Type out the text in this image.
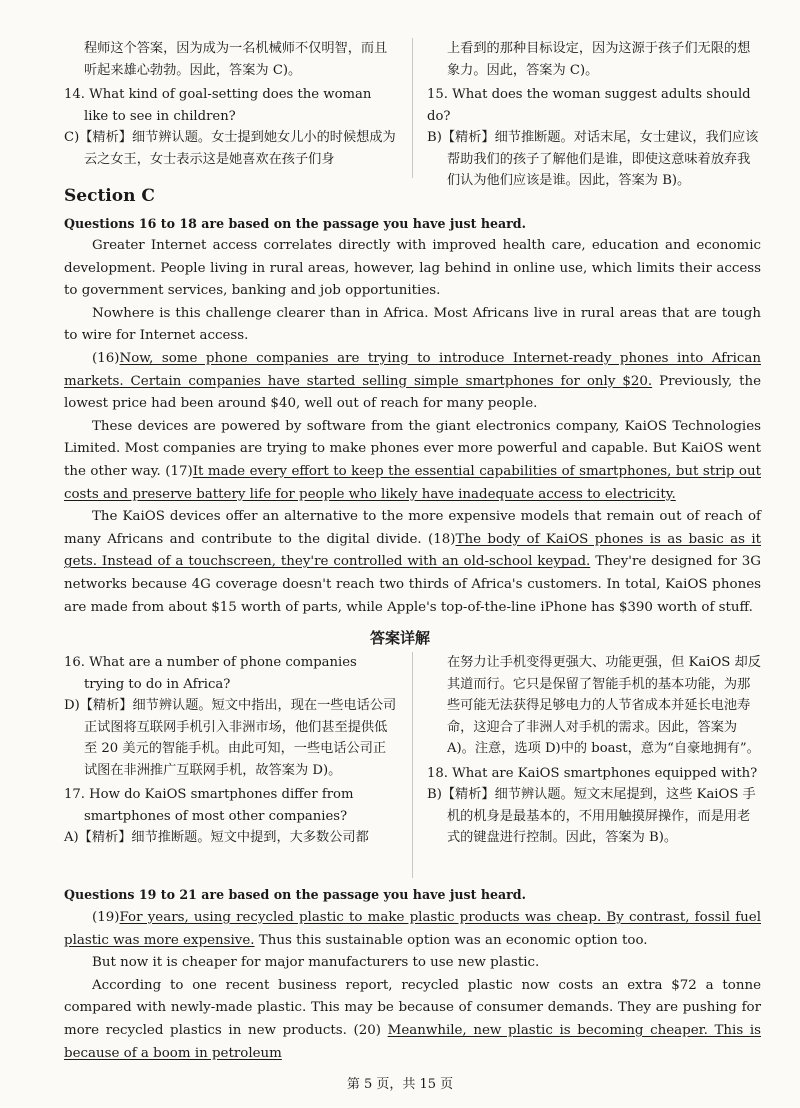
程师这个答案，因为成为一名机械师不仅明智，而且听起来雄心勃勃。因此，答案为 C)。

14. What kind of goal-setting does the woman like to see in children?

C)【精析】细节辨认题。女士提到她女儿小的时候想成为云之女王，女士表示这是她喜欢在孩子们身

上看到的那种目标设定，因为这源于孩子们无限的想象力。因此，答案为 C)。

15. What does the woman suggest adults should do?

B)【精析】细节推断题。对话末尾，女士建议，我们应该帮助我们的孩子了解他们是谁，即使这意味着放弃我们认为他们应该是谁。因此，答案为 B)。

Section C

Questions 16 to 18 are based on the passage you have just heard.

Greater Internet access correlates directly with improved health care, education and economic development. People living in rural areas, however, lag behind in online use, which limits their access to government services, banking and job opportunities.

Nowhere is this challenge clearer than in Africa. Most Africans live in rural areas that are tough to wire for Internet access.

(16)Now, some phone companies are trying to introduce Internet-ready phones into African markets. Certain companies have started selling simple smartphones for only $20. Previously, the lowest price had been around $40, well out of reach for many people.

These devices are powered by software from the giant electronics company, KaiOS Technologies Limited. Most companies are trying to make phones ever more powerful and capable. But KaiOS went the other way. (17)It made every effort to keep the essential capabilities of smartphones, but strip out costs and preserve battery life for people who likely have inadequate access to electricity.

The KaiOS devices offer an alternative to the more expensive models that remain out of reach of many Africans and contribute to the digital divide. (18)The body of KaiOS phones is as basic as it gets. Instead of a touchscreen, they're controlled with an old-school keypad. They're designed for 3G networks because 4G coverage doesn't reach two thirds of Africa's customers. In total, KaiOS phones are made from about $15 worth of parts, while Apple's top-of-the-line iPhone has $390 worth of stuff.

答案详解

16. What are a number of phone companies trying to do in Africa?

D)【精析】细节辨认题。短文中指出，现在一些电话公司正试图将互联网手机引入非洲市场，他们甚至提供低至 20 美元的智能手机。由此可知，一些电话公司正试图在非洲推广互联网手机，故答案为 D)。

17. How do KaiOS smartphones differ from smartphones of most other companies?

A)【精析】细节推断题。短文中提到，大多数公司都

在努力让手机变得更强大、功能更强，但 KaiOS 却反其道而行。它只是保留了智能手机的基本功能，为那些可能无法获得足够电力的人节省成本并延长电池寿命，这迎合了非洲人对手机的需求。因此，答案为 A)。注意，选项 D)中的 boast，意为“自豪地拥有”。

18. What are KaiOS smartphones equipped with?

B)【精析】细节辨认题。短文末尾提到，这些 KaiOS 手机的机身是最基本的，不用用触摸屏操作，而是用老式的键盘进行控制。因此，答案为 B)。

Questions 19 to 21 are based on the passage you have just heard.

(19)For years, using recycled plastic to make plastic products was cheap. By contrast, fossil fuel plastic was more expensive. Thus this sustainable option was an economic option too.

But now it is cheaper for major manufacturers to use new plastic.

According to one recent business report, recycled plastic now costs an extra $72 a tonne compared with newly-made plastic. This may be because of consumer demands. They are pushing for more recycled plastics in new products. (20) Meanwhile, new plastic is becoming cheaper. This is because of a boom in petroleum

第 5 页，共 15 页
